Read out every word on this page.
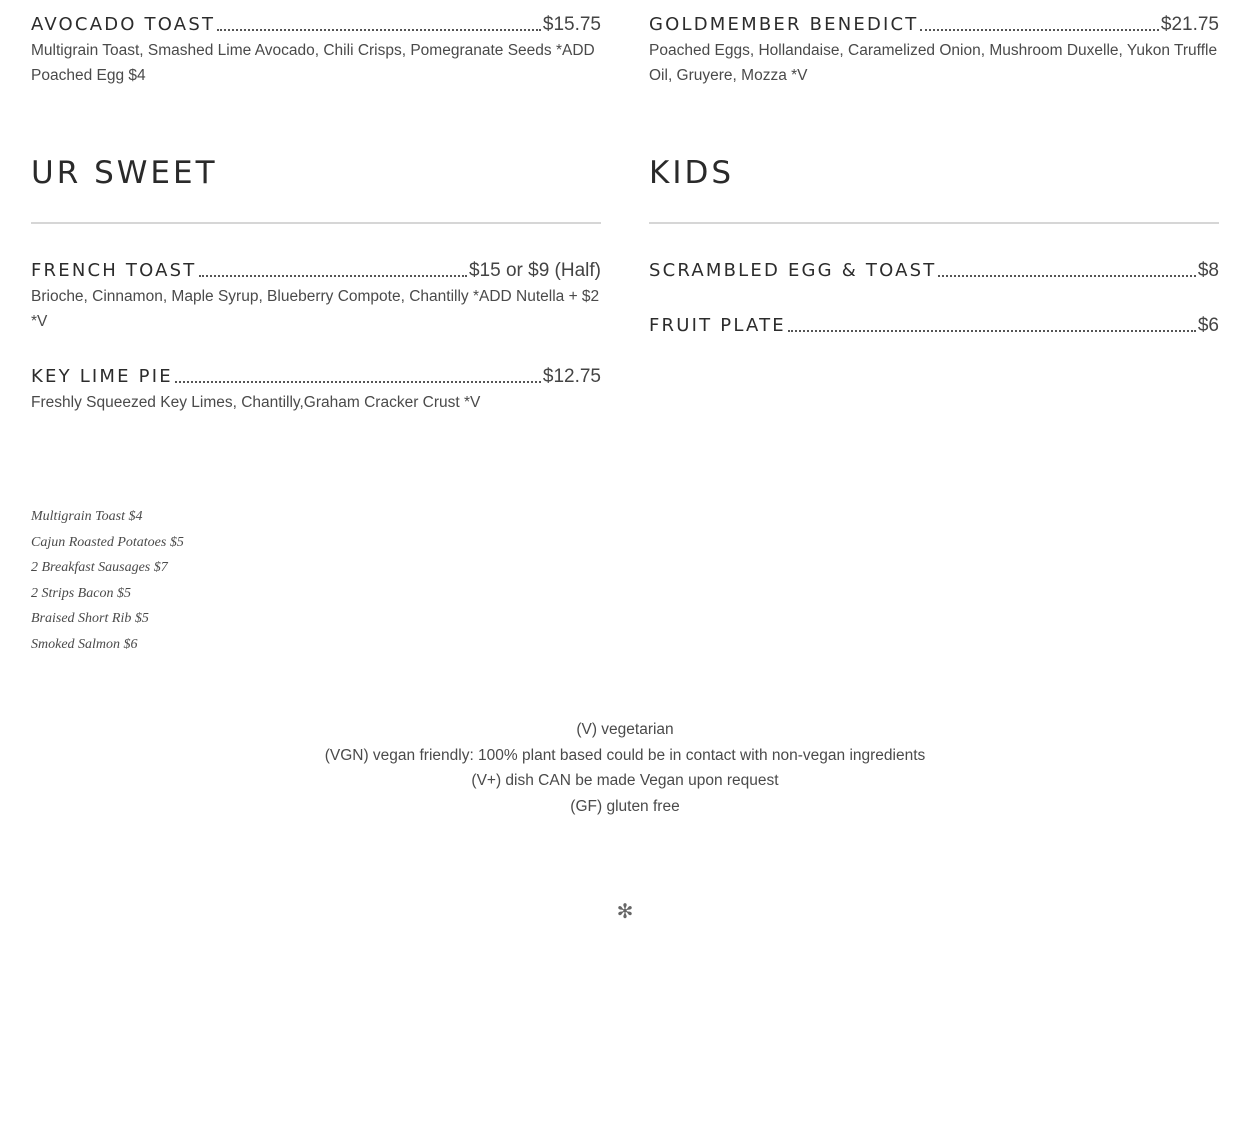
AVOCADO TOAST	$15.75
Multigrain Toast, Smashed Lime Avocado, Chili Crisps, Pomegranate Seeds *ADD Poached Egg $4
UR SWEET
FRENCH TOAST	$15 or $9 (Half)
Brioche, Cinnamon, Maple Syrup, Blueberry Compote, Chantilly *ADD Nutella + $2 *V
KEY LIME PIE	$12.75
Freshly Squeezed Key Limes, Chantilly,Graham Cracker Crust *V
GOLDMEMBER BENEDICT	$21.75
Poached Eggs, Hollandaise, Caramelized Onion, Mushroom Duxelle, Yukon Truffle Oil, Gruyere, Mozza *V
KIDS
SCRAMBLED EGG & TOAST	$8
FRUIT PLATE	$6
Multigrain Toast $4
Cajun Roasted Potatoes $5
2 Breakfast Sausages $7
2 Strips Bacon $5
Braised Short Rib $5
Smoked Salmon $6
(V) vegetarian
(VGN) vegan friendly: 100% plant based could be in contact with non-vegan ingredients
(V+) dish CAN be made Vegan upon request
(GF) gluten free
✻
